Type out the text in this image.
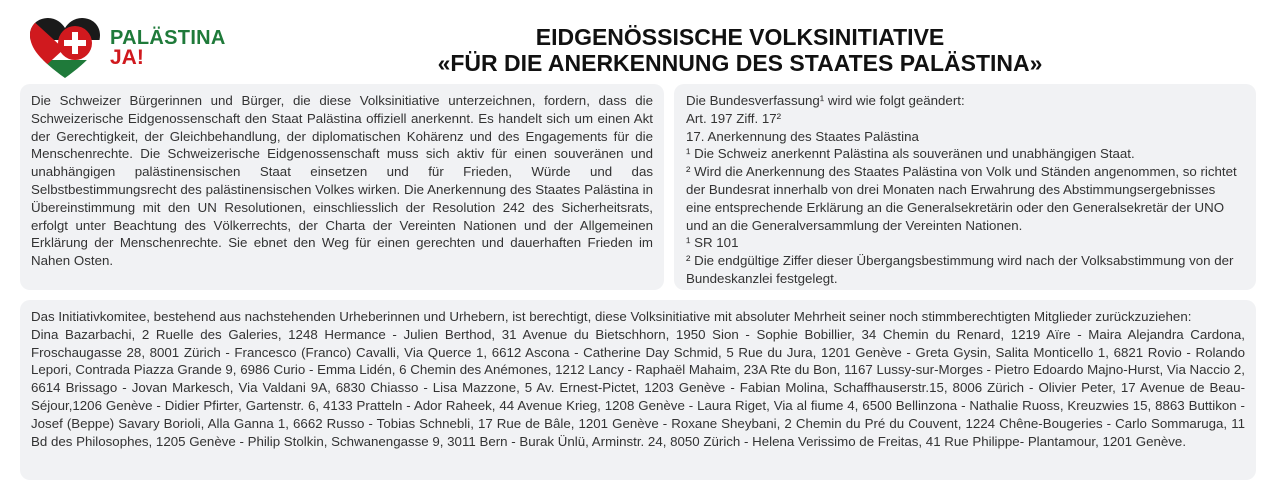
PALÄSTINA
JA!
EIDGENÖSSISCHE VOLKSINITIATIVE
«FÜR DIE ANERKENNUNG DES STAATES PALÄSTINA»

Die Schweizer Bürgerinnen und Bürger, die diese Volksinitiative unterzeichnen, fordern, dass die Schweizerische Eidgenossenschaft den Staat Palästina offiziell anerkennt. Es handelt sich um einen Akt der Gerechtigkeit, der Gleichbehandlung, der diplomatischen Kohärenz und des Engagements für die Menschenrechte. Die Schweizerische Eidgenossenschaft muss sich aktiv für einen souveränen und unabhängigen palästinensischen Staat einsetzen und für Frieden, Würde und das Selbstbestimmungsrecht des palästinensischen Volkes wirken. Die Anerkennung des Staates Palästina in Übereinstimmung mit den UN Resolutionen, einschliesslich der Resolution 242 des Sicherheitsrats, erfolgt unter Beachtung des Völkerrechts, der Charta der Vereinten Nationen und der Allgemeinen Erklärung der Menschenrechte. Sie ebnet den Weg für einen gerechten und dauerhaften Frieden im Nahen Osten.

Die Bundesverfassung¹ wird wie folgt geändert:

Art. 197 Ziff. 17²

17. Anerkennung des Staates Palästina

¹ Die Schweiz anerkennt Palästina als souveränen und unabhängigen Staat.

² Wird die Anerkennung des Staates Palästina von Volk und Ständen angenommen, so richtet der Bundesrat innerhalb von drei Monaten nach Erwahrung des Abstimmungsergebnisses eine entsprechende Erklärung an die Generalsekretärin oder den Generalsekretär der UNO und an die Generalversammlung der Vereinten Nationen.

¹ SR 101

² Die endgültige Ziffer dieser Übergangsbestimmung wird nach der Volksabstimmung von der Bundeskanzlei festgelegt.

Das Initiativkomitee, bestehend aus nachstehenden Urheberinnen und Urhebern, ist berechtigt, diese Volksinitiative mit absoluter Mehrheit seiner noch stimmberechtigten Mitglieder zurückzuziehen:

Dina Bazarbachi, 2 Ruelle des Galeries, 1248 Hermance - Julien Berthod, 31 Avenue du Bietschhorn, 1950 Sion - Sophie Bobillier, 34 Chemin du Renard, 1219 Aïre - Maira Alejandra Cardona, Froschaugasse 28, 8001 Zürich - Francesco (Franco) Cavalli, Via Querce 1, 6612 Ascona - Catherine Day Schmid, 5 Rue du Jura, 1201 Genève - Greta Gysin, Salita Monticello 1, 6821 Rovio - Rolando Lepori, Contrada Piazza Grande 9, 6986 Curio - Emma Lidén, 6 Chemin des Anémones, 1212 Lancy - Raphaël Mahaim, 23A Rte du Bon, 1167 Lussy-sur-Morges - Pietro Edoardo Majno-Hurst, Via Naccio 2, 6614 Brissago - Jovan Markesch, Via Valdani 9A, 6830 Chiasso - Lisa Mazzone, 5 Av. Ernest-Pictet, 1203 Genève - Fabian Molina, Schaffhauserstr.15, 8006 Zürich - Olivier Peter, 17 Avenue de Beau-Séjour,1206 Genève - Didier Pfirter, Gartenstr. 6, 4133 Pratteln - Ador Raheek, 44 Avenue Krieg, 1208 Genève - Laura Riget, Via al fiume 4, 6500 Bellinzona - Nathalie Ruoss, Kreuzwies 15, 8863 Buttikon - Josef (Beppe) Savary Borioli, Alla Ganna 1, 6662 Russo - Tobias Schnebli, 17 Rue de Bâle, 1201 Genève - Roxane Sheybani, 2 Chemin du Pré du Couvent, 1224 Chêne-Bougeries - Carlo Sommaruga, 11 Bd des Philosophes, 1205 Genève - Philip Stolkin, Schwanengasse 9, 3011 Bern - Burak Ünlü, Arminstr. 24, 8050 Zürich - Helena Verissimo de Freitas, 41 Rue Philippe- Plantamour, 1201 Genève.
